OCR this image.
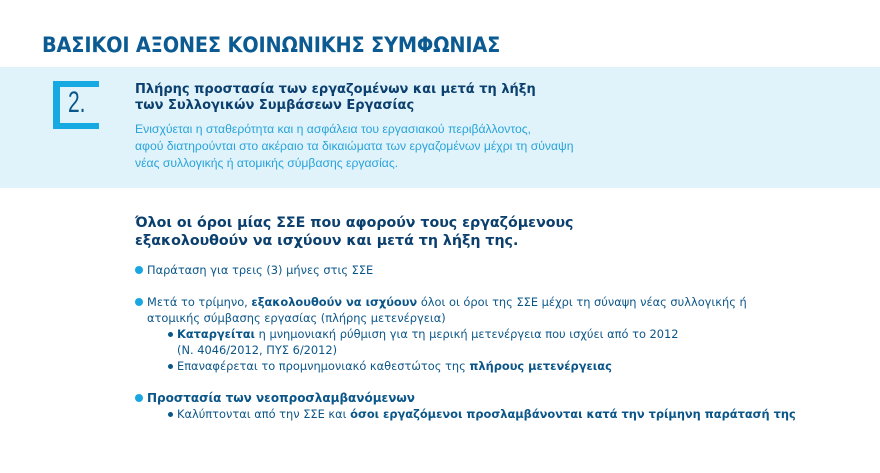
ΒΑΣΙΚΟΙ ΑΞΟΝΕΣ ΚΟΙΝΩΝΙΚΗΣ ΣΥΜΦΩΝΙΑΣ
2.	Πλήρης προστασία των εργαζομένων και μετά τη λήξη
των Συλλογικών Συμβάσεων Εργασίας
Ενισχύεται η σταθερότητα και η ασφάλεια του εργασιακού περιβάλλοντος,
αφού διατηρούνται στο ακέραιο τα δικαιώματα των εργαζομένων μέχρι τη σύναψη
νέας συλλογικής ή ατομικής σύμβασης εργασίας.
Όλοι οι όροι μίας ΣΣΕ που αφορούν τους εργαζόμενους
εξακολουθούν να ισχύουν και μετά τη λήξη της.
Παράταση για τρεις (3) μήνες στις ΣΣΕ
Μετά το τρίμηνο, εξακολουθούν να ισχύουν όλοι οι όροι της ΣΣΕ μέχρι τη σύναψη νέας συλλογικής ή
ατομικής σύμβασης εργασίας (πλήρης μετενέργεια)
Καταργείται η μνημονιακή ρύθμιση για τη μερική μετενέργεια που ισχύει από το 2012
(Ν. 4046/2012, ΠΥΣ 6/2012)
Επαναφέρεται το προμνημονιακό καθεστώτος της πλήρους μετενέργειας
Προστασία των νεοπροσλαμβανόμενων
Καλύπτονται από την ΣΣΕ και όσοι εργαζόμενοι προσλαμβάνονται κατά την τρίμηνη παράτασή της
